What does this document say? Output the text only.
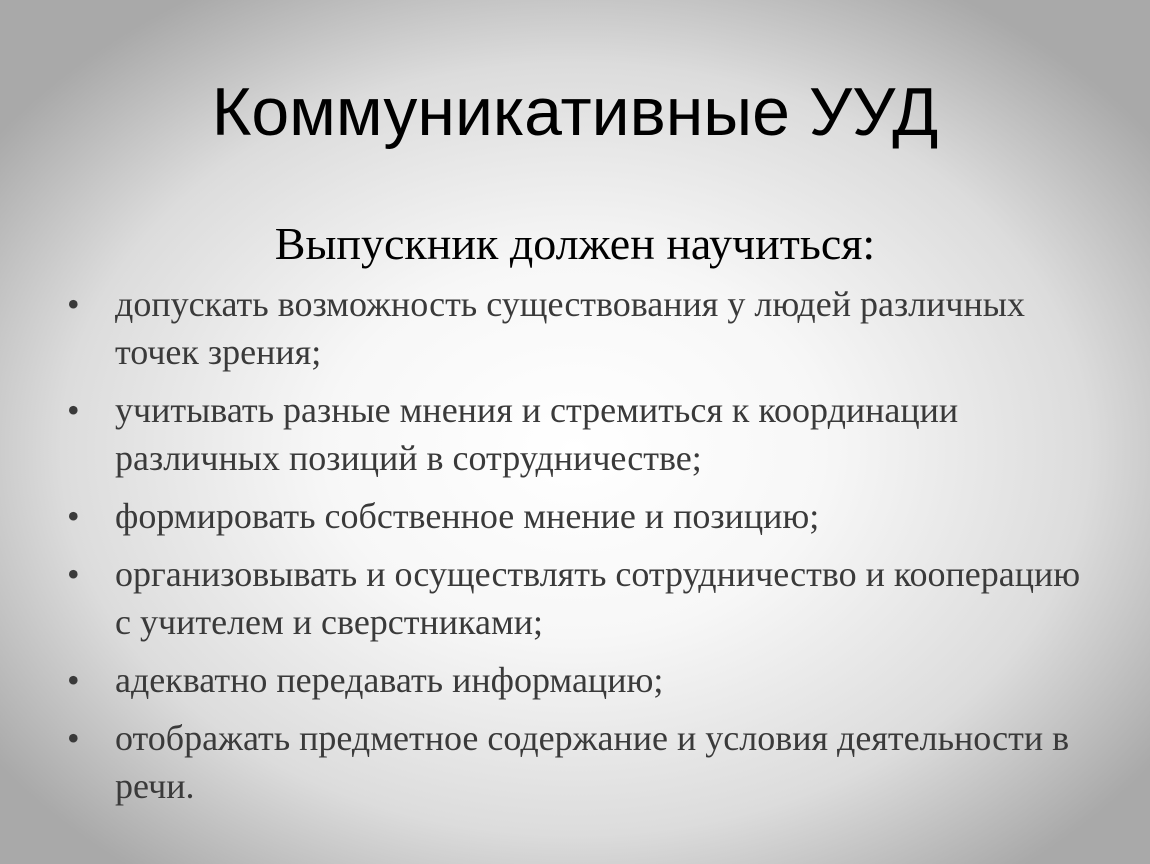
Коммуникативные УУД
Выпускник должен научиться:
• допускать возможность существования у людей различных точек зрения;
• учитывать разные мнения и стремиться к координации различных позиций в сотрудничестве;
• формировать собственное мнение и позицию;
• организовывать и осуществлять сотрудничество и кооперацию с учителем и сверстниками;
• адекватно передавать информацию;
• отображать предметное содержание и условия деятельности в речи.
